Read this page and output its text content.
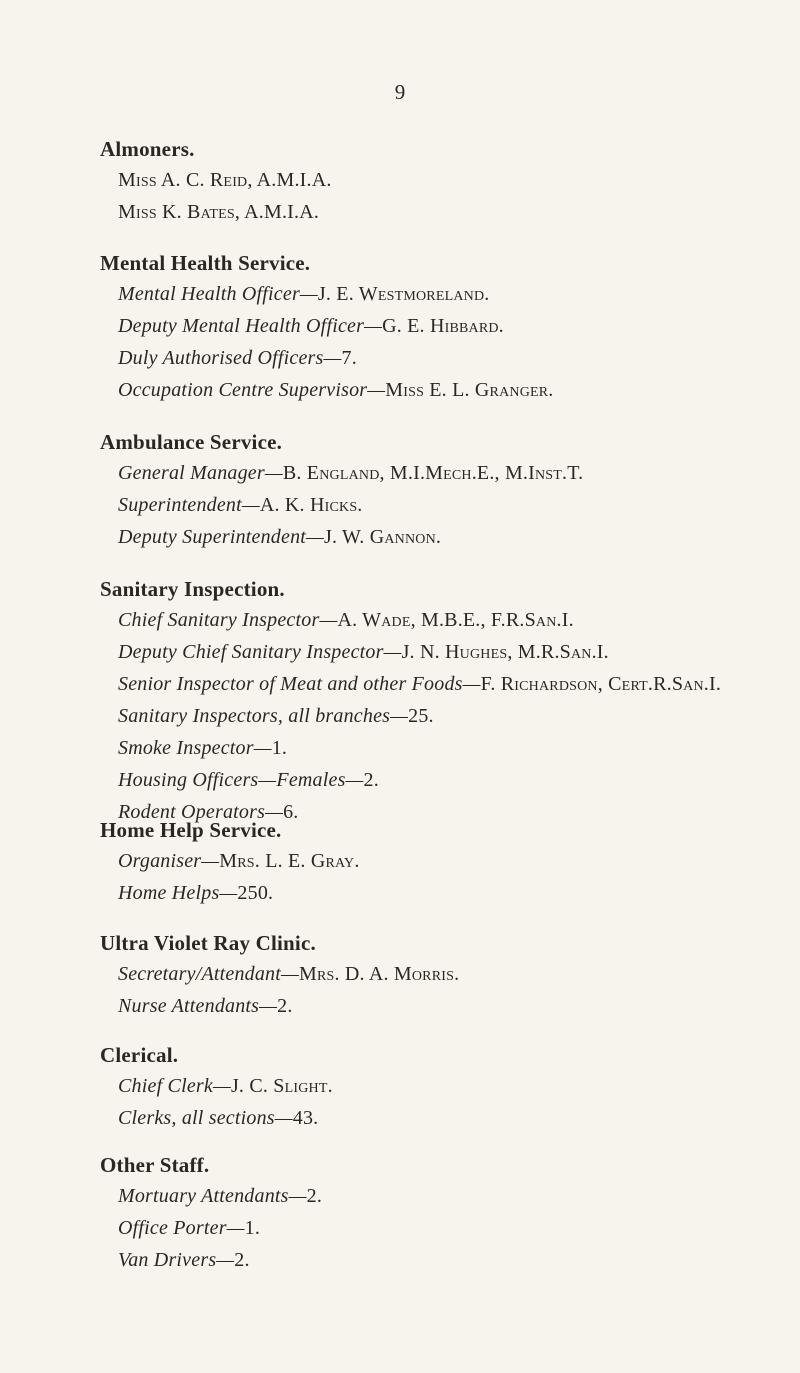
9
Almoners.
Miss A. C. Reid, A.M.I.A.
Miss K. Bates, A.M.I.A.
Mental Health Service.
Mental Health Officer—J. E. Westmoreland.
Deputy Mental Health Officer—G. E. Hibbard.
Duly Authorised Officers—7.
Occupation Centre Supervisor—Miss E. L. Granger.
Ambulance Service.
General Manager—B. England, M.I.Mech.E., M.Inst.T.
Superintendent—A. K. Hicks.
Deputy Superintendent—J. W. Gannon.
Sanitary Inspection.
Chief Sanitary Inspector—A. Wade, M.B.E., F.R.San.I.
Deputy Chief Sanitary Inspector—J. N. Hughes, M.R.San.I.
Senior Inspector of Meat and other Foods—F. Richardson, Cert.R.San.I.
Sanitary Inspectors, all branches—25.
Smoke Inspector—1.
Housing Officers—Females—2.
Rodent Operators—6.
Home Help Service.
Organiser—Mrs. L. E. Gray.
Home Helps—250.
Ultra Violet Ray Clinic.
Secretary/Attendant—Mrs. D. A. Morris.
Nurse Attendants—2.
Clerical.
Chief Clerk—J. C. Slight.
Clerks, all sections—43.
Other Staff.
Mortuary Attendants—2.
Office Porter—1.
Van Drivers—2.
